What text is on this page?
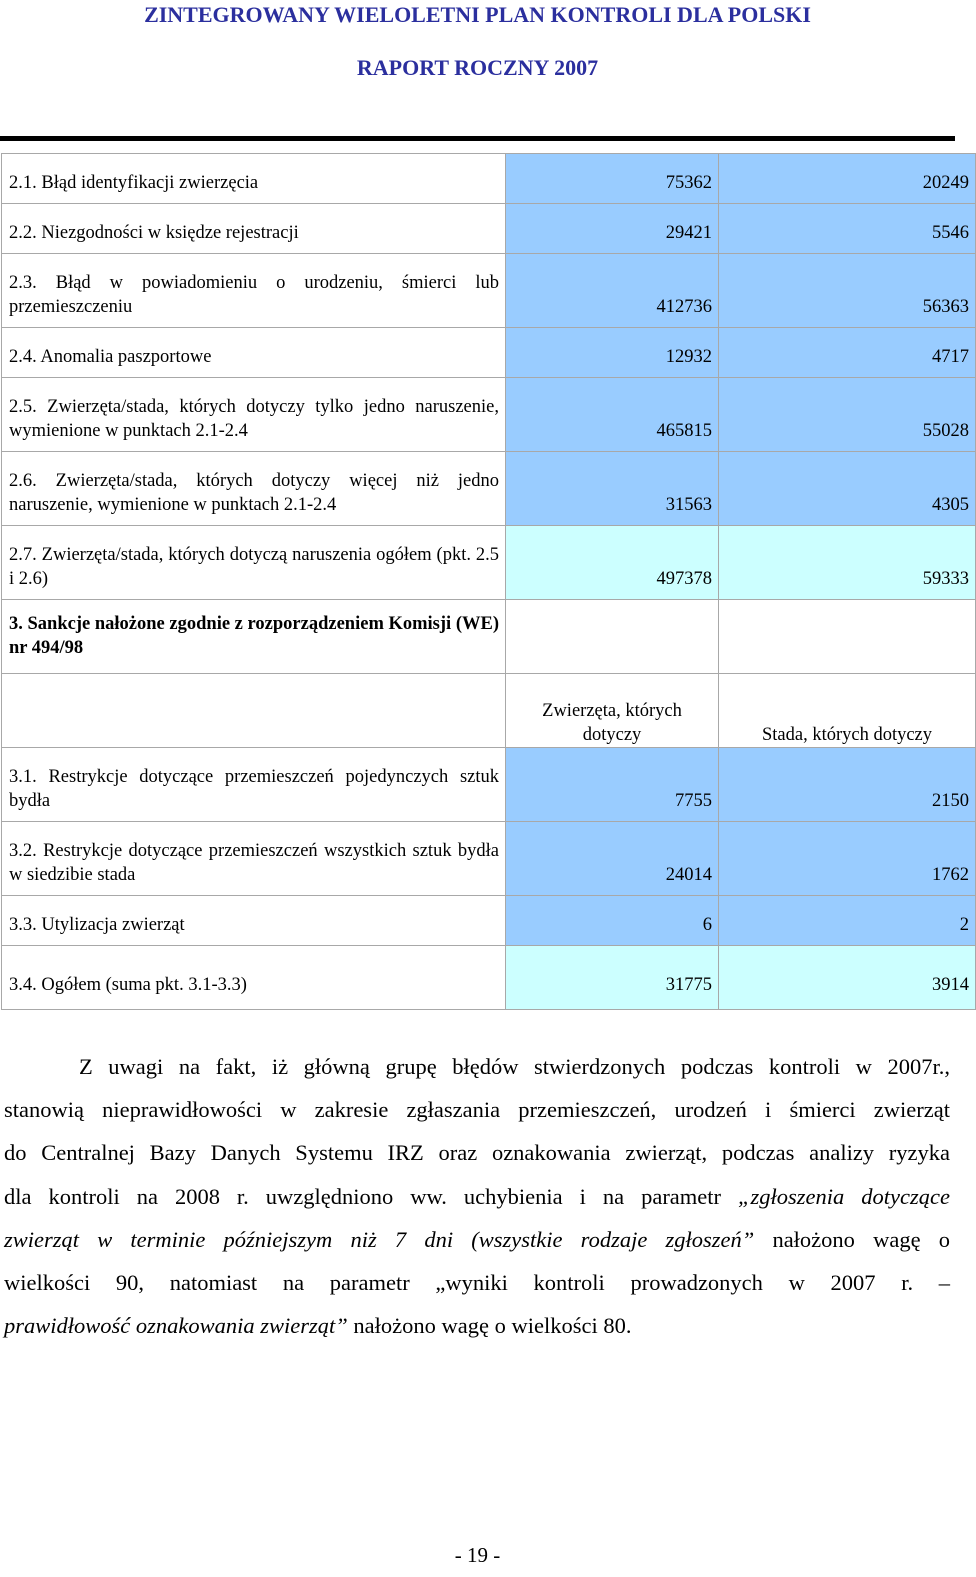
ZINTEGROWANY WIELOLETNI PLAN KONTROLI DLA POLSKI
RAPORT ROCZNY 2007
2.1. Błąd identyfikacji zwierzęcia	75362	20249
2.2. Niezgodności w księdze rejestracji	29421	5546
2.3. Błąd w powiadomieniu o urodzeniu, śmierci lub przemieszczeniu	412736	56363
2.4. Anomalia paszportowe	12932	4717
2.5. Zwierzęta/stada, których dotyczy tylko jedno naruszenie, wymienione w punktach 2.1-2.4	465815	55028
2.6. Zwierzęta/stada, których dotyczy więcej niż jedno naruszenie, wymienione w punktach 2.1-2.4	31563	4305
2.7. Zwierzęta/stada, których dotyczą naruszenia ogółem (pkt. 2.5 i 2.6)	497378	59333
3. Sankcje nałożone zgodnie z rozporządzeniem Komisji (WE) nr 494/98		
	Zwierzęta, których dotyczy	Stada, których dotyczy
3.1. Restrykcje dotyczące przemieszczeń pojedynczych sztuk bydła	7755	2150
3.2. Restrykcje dotyczące przemieszczeń wszystkich sztuk bydła w siedzibie stada	24014	1762
3.3. Utylizacja zwierząt	6	2
3.4. Ogółem (suma pkt. 3.1-3.3)	31775	3914
Z uwagi na fakt, iż główną grupę błędów stwierdzonych podczas kontroli w 2007r.,
stanowią nieprawidłowości w zakresie zgłaszania przemieszczeń, urodzeń i śmierci zwierząt
do Centralnej Bazy Danych Systemu IRZ oraz oznakowania zwierząt, podczas analizy ryzyka
dla kontroli na 2008 r. uwzględniono ww. uchybienia i na parametr „zgłoszenia dotyczące
zwierząt w terminie późniejszym niż 7 dni (wszystkie rodzaje zgłoszeń” nałożono wagę o
wielkości 90, natomiast na parametr „wyniki kontroli prowadzonych w 2007 r. –
prawidłowość oznakowania zwierząt” nałożono wagę o wielkości 80.
- 19 -
